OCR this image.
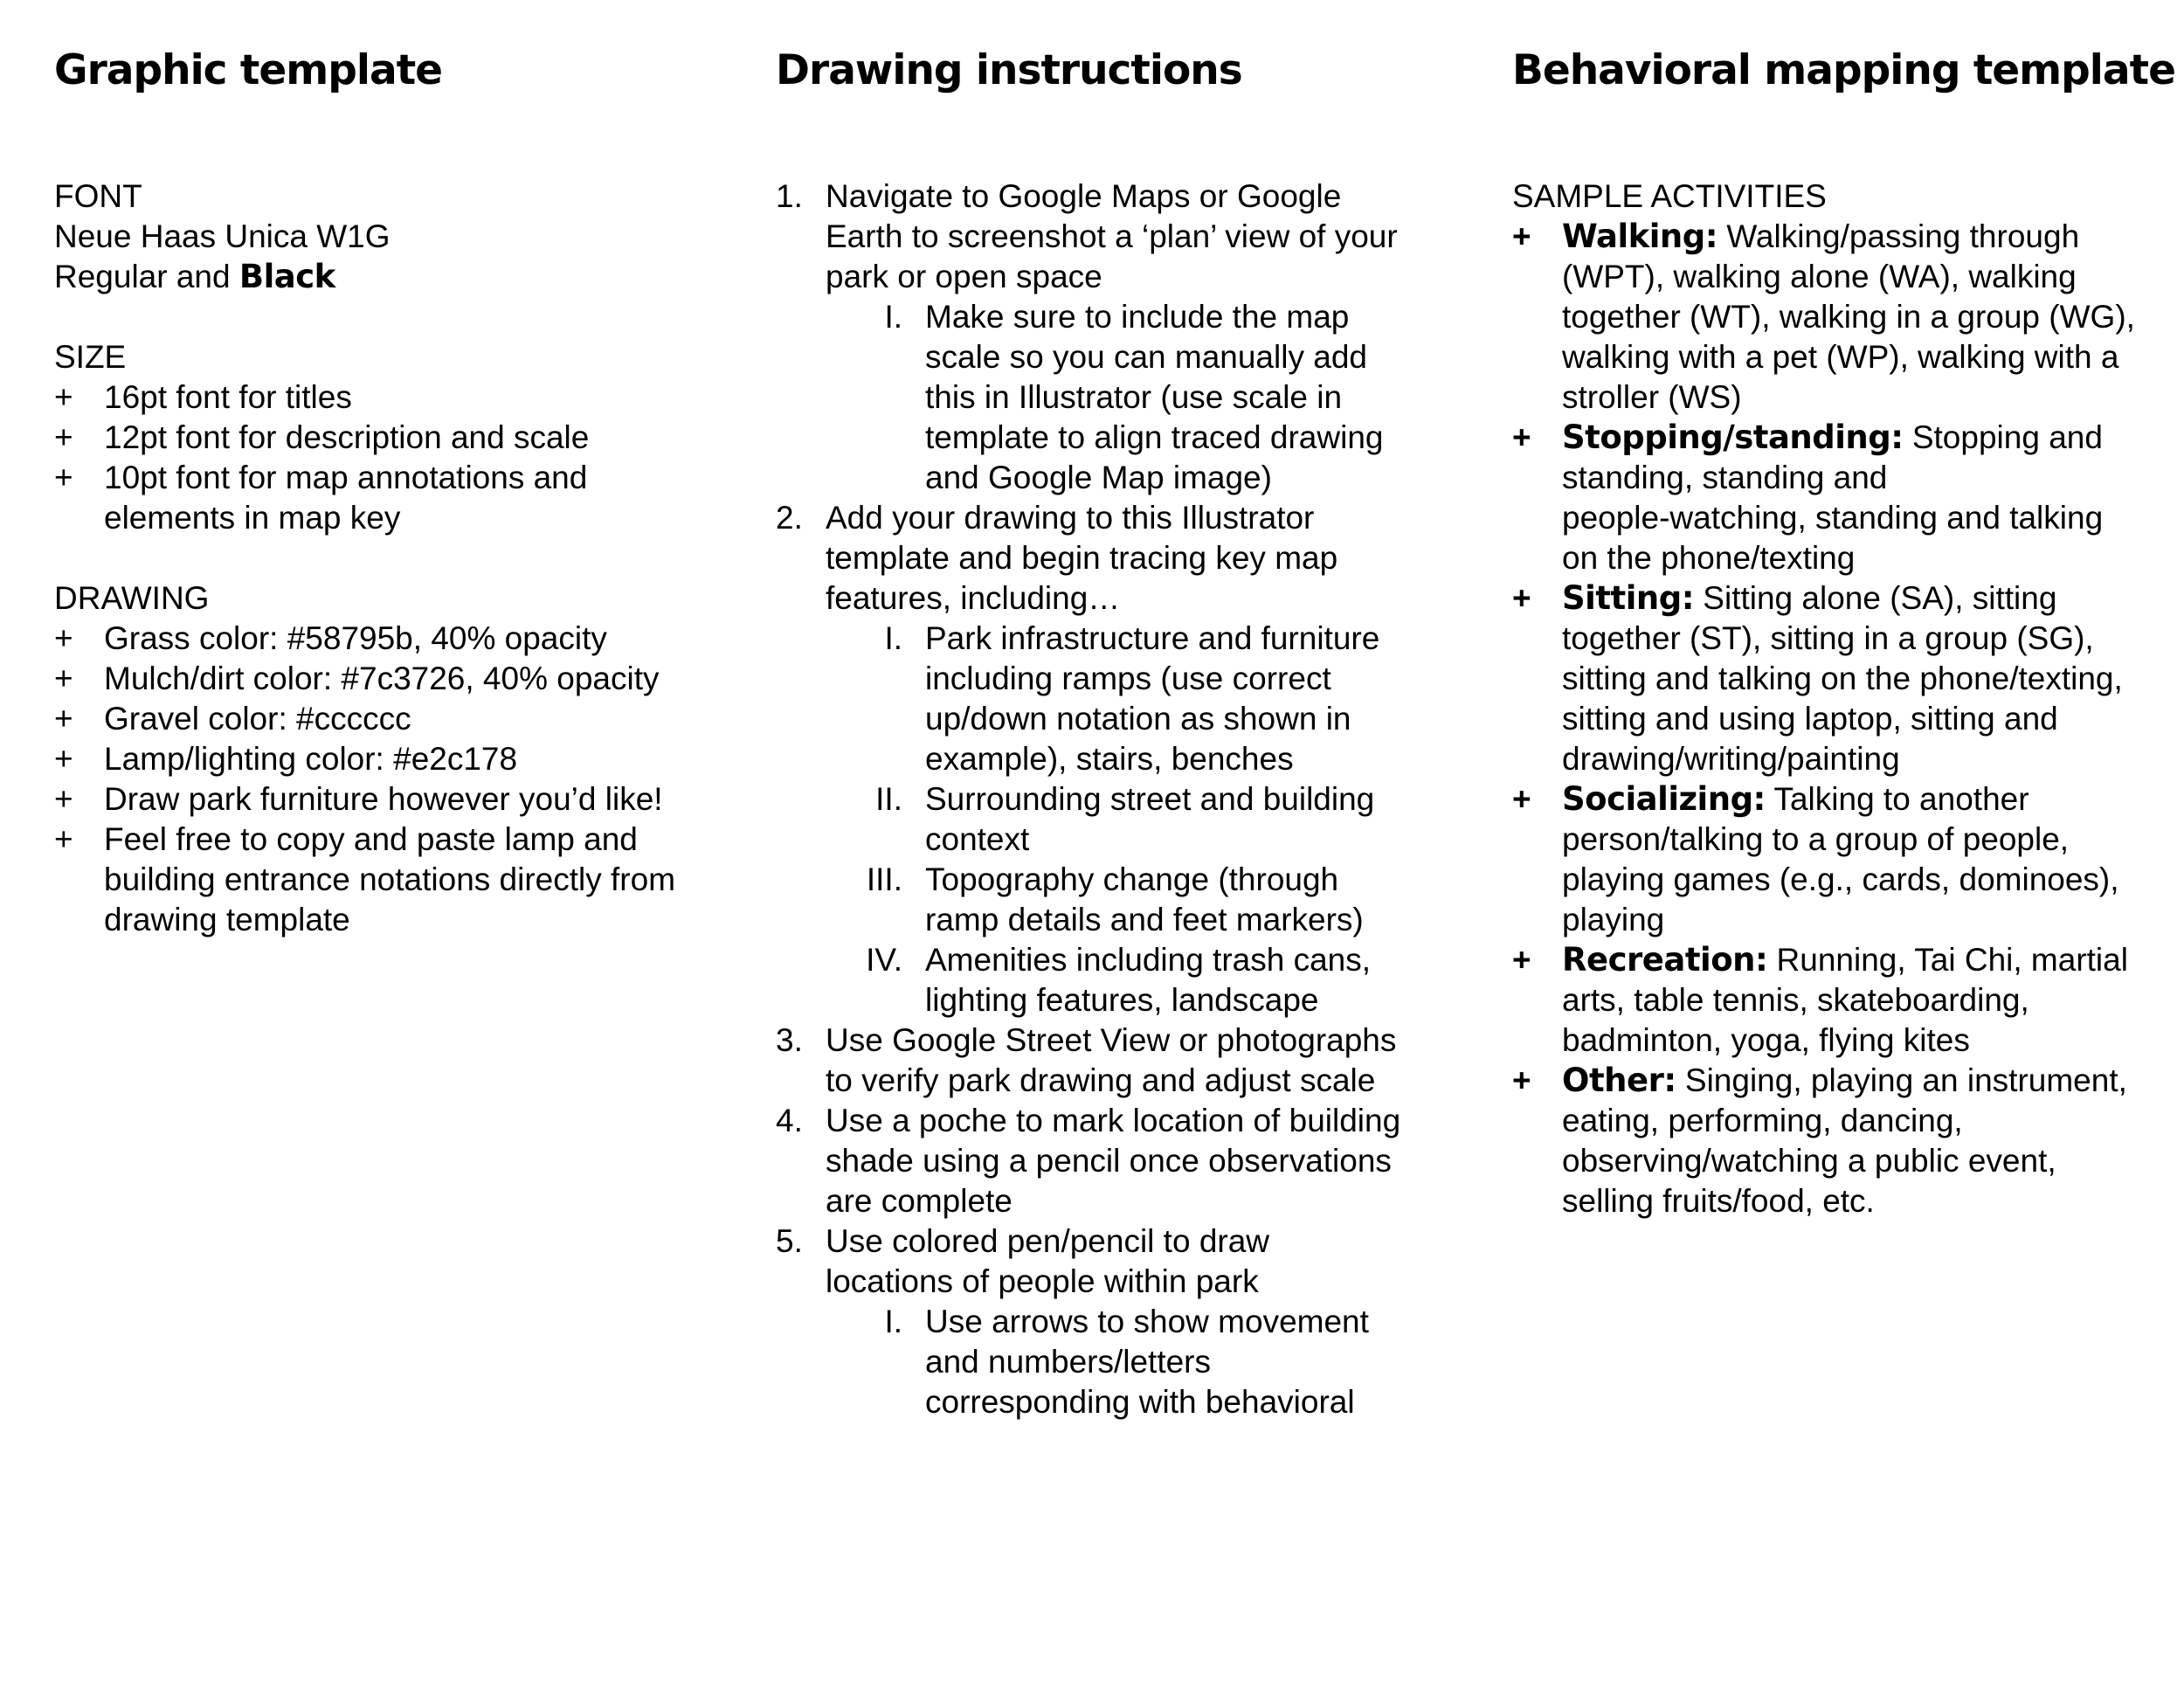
Graphic template

FONT

Neue Haas Unica W1G

Regular and Black

SIZE

+ 16pt font for titles
+ 12pt font for description and scale
+ 10pt font for map annotations and
elements in map key

DRAWING

+ Grass color: #58795b, 40% opacity
+ Mulch/dirt color: #7c3726, 40% opacity
+ Gravel color: #cccccc
+ Lamp/lighting color: #e2c178
+ Draw park furniture however you’d like!
+ Feel free to copy and paste lamp and
building entrance notations directly from
drawing template
Drawing instructions
1. Navigate to Google Maps or Google
Earth to screenshot a ‘plan’ view of your
park or open space
I. Make sure to include the map
scale so you can manually add
this in Illustrator (use scale in
template to align traced drawing
and Google Map image)
2. Add your drawing to this Illustrator
template and begin tracing key map
features, including…
I. Park infrastructure and furniture
including ramps (use correct
up/down notation as shown in
example), stairs, benches
II. Surrounding street and building
context
III. Topography change (through
ramp details and feet markers)
IV. Amenities including trash cans,
lighting features, landscape
3. Use Google Street View or photographs
to verify park drawing and adjust scale
4. Use a poche to mark location of building
shade using a pencil once observations
are complete
5. Use colored pen/pencil to draw
locations of people within park
I. Use arrows to show movement
and numbers/letters
corresponding with behavioral
Behavioral mapping template

SAMPLE ACTIVITIES

+ Walking: Walking/passing through
(WPT), walking alone (WA), walking
together (WT), walking in a group (WG),
walking with a pet (WP), walking with a
stroller (WS)
+ Stopping/standing: Stopping and
standing, standing and
people-watching, standing and talking
on the phone/texting
+ Sitting: Sitting alone (SA), sitting
together (ST), sitting in a group (SG),
sitting and talking on the phone/texting,
sitting and using laptop, sitting and
drawing/writing/painting
+ Socializing: Talking to another
person/talking to a group of people,
playing games (e.g., cards, dominoes),
playing
+ Recreation: Running, Tai Chi, martial
arts, table tennis, skateboarding,
badminton, yoga, flying kites
+ Other: Singing, playing an instrument,
eating, performing, dancing,
observing/watching a public event,
selling fruits/food, etc.
